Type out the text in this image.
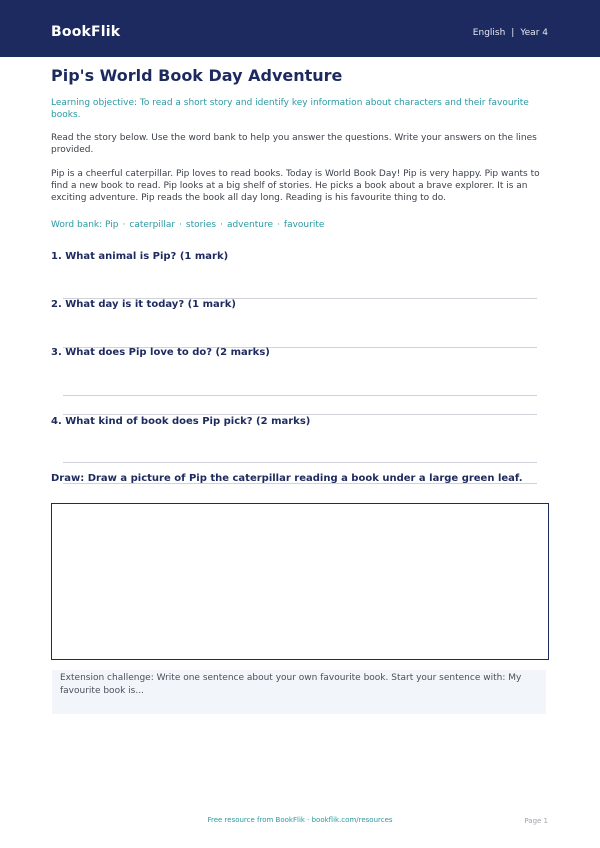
BookFlik	English | Year 4
Pip's World Book Day Adventure
Learning objective: To read a short story and identify key information about characters and their favourite books.
Read the story below. Use the word bank to help you answer the questions. Write your answers on the lines provided.
Pip is a cheerful caterpillar. Pip loves to read books. Today is World Book Day! Pip is very happy. Pip wants to find a new book to read. Pip looks at a big shelf of stories. He picks a book about a brave explorer. It is an exciting adventure. Pip reads the book all day long. Reading is his favourite thing to do.
Word bank: Pip · caterpillar · stories · adventure · favourite
1. What animal is Pip? (1 mark)
2. What day is it today? (1 mark)
3. What does Pip love to do? (2 marks)
4. What kind of book does Pip pick? (2 marks)
Draw: Draw a picture of Pip the caterpillar reading a book under a large green leaf.
Extension challenge: Write one sentence about your own favourite book. Start your sentence with: My favourite book is...
Free resource from BookFlik · bookflik.com/resources	Page 1
